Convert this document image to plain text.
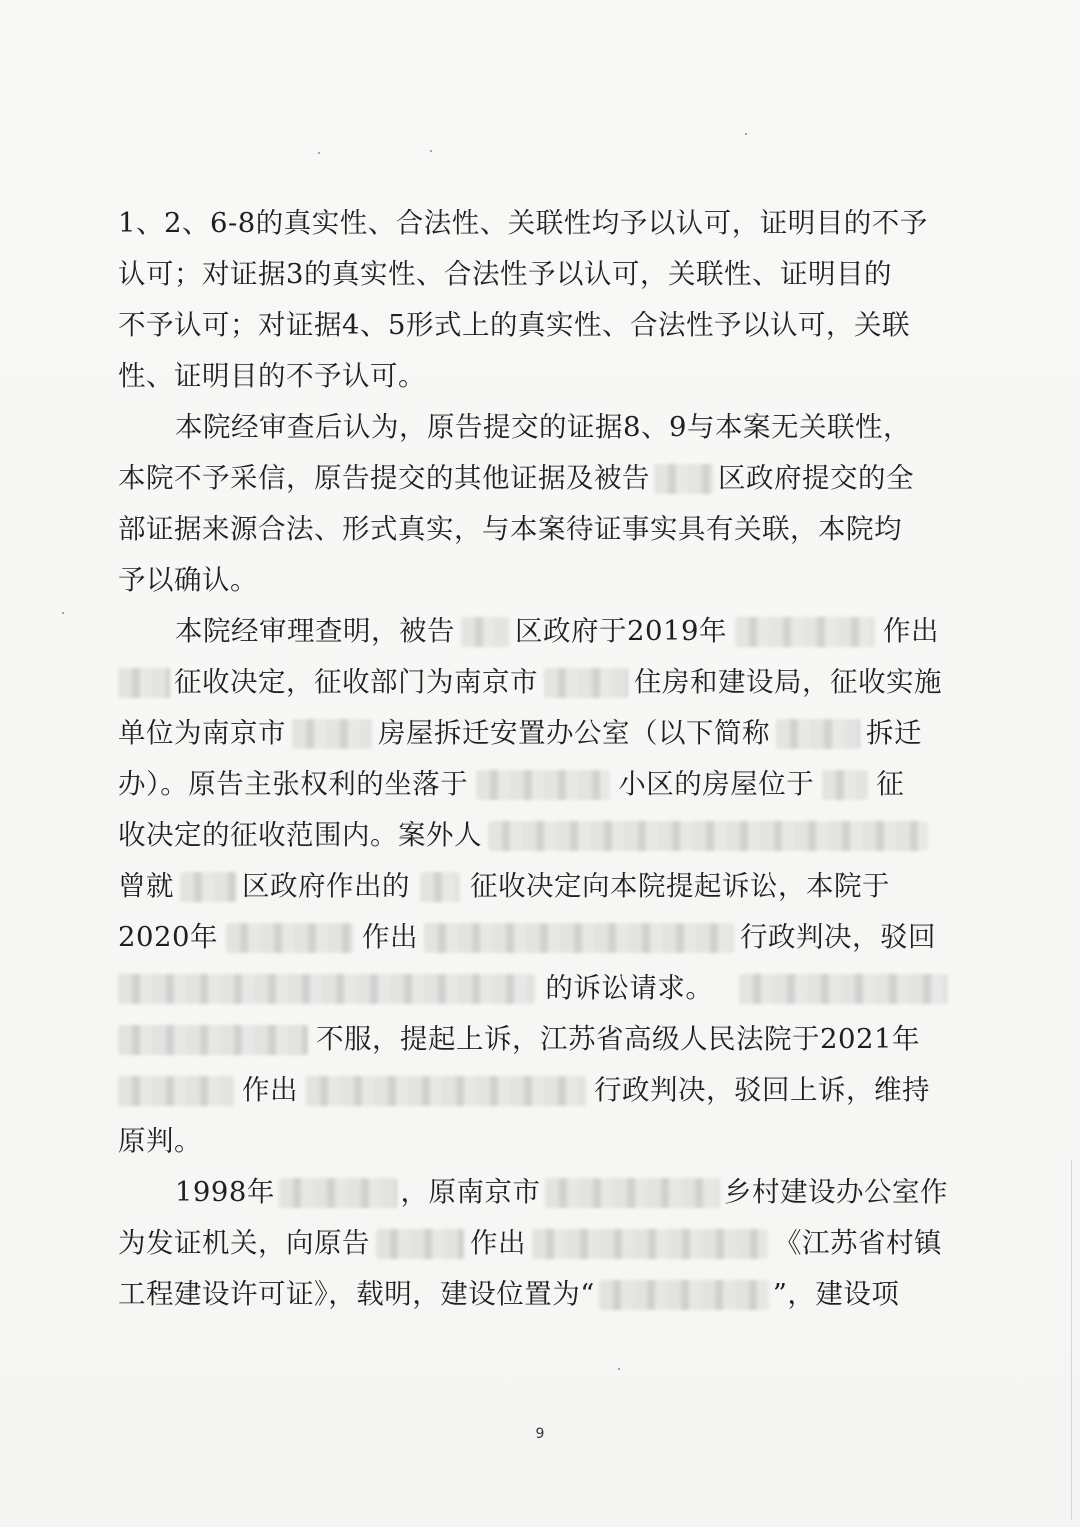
1、2、6-8的真实性、合法性、关联性均予以认可，证明目的不予
认可；对证据3的真实性、合法性予以认可，关联性、证明目的
不予认可；对证据4、5形式上的真实性、合法性予以认可，关联
性、证明目的不予认可。
本院经审查后认为，原告提交的证据8、9与本案无关联性，
本院不予采信，原告提交的其他证据及被告 区政府提交的全
部证据来源合法、形式真实，与本案待证事实具有关联，本院均
予以确认。
本院经审理查明，被告 区政府于2019年	作出
征收决定，征收部门为南京市	住房和建设局，征收实施
单位为南京市	房屋拆迁安置办公室（以下简称	拆迁
办）。原告主张权利的坐落于	小区的房屋位于 征
收决定的征收范围内。案外人
曾就 区政府作出的 征收决定向本院提起诉讼，本院于
2020年	作出	行政判决，驳回
的诉讼请求。
不服，提起上诉，江苏省高级人民法院于2021年
作出	行政判决，驳回上诉，维持
原判。
1998年	，原南京市	乡村建设办公室作
为发证机关，向原告	作出	《江苏省村镇
工程建设许可证》，载明，建设位置为“	”，建设项
9
